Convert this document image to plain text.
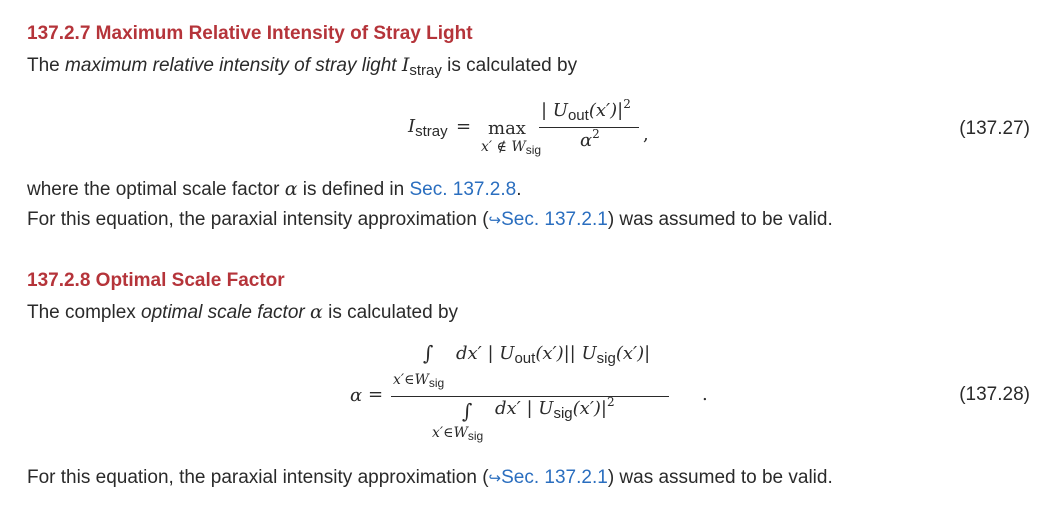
137.2.7 Maximum Relative Intensity of Stray Light
The maximum relative intensity of stray light $I_{stray}$ is calculated by
$I_{stray} = \max$
x′ ∉ Wsig
| $U_{out}(x')|^2$
$\alpha^2$ ,	(137.27)
where the optimal scale factor α is defined in Sec. 137.2.8.
For this equation, the paraxial intensity approximation (↪Sec. 137.2.1) was assumed to be valid.
137.2.8 Optimal Scale Factor
The complex optimal scale factor α is calculated by
α =
∫ dx′ | $U_{out}(x')||$ $U_{sig}(x')|$
x′∈Wsig
∫ dx′ | $U_{sig}(x')|^2$
x′∈Wsig
.	(137.28)
For this equation, the paraxial intensity approximation (↪Sec. 137.2.1) was assumed to be valid.
